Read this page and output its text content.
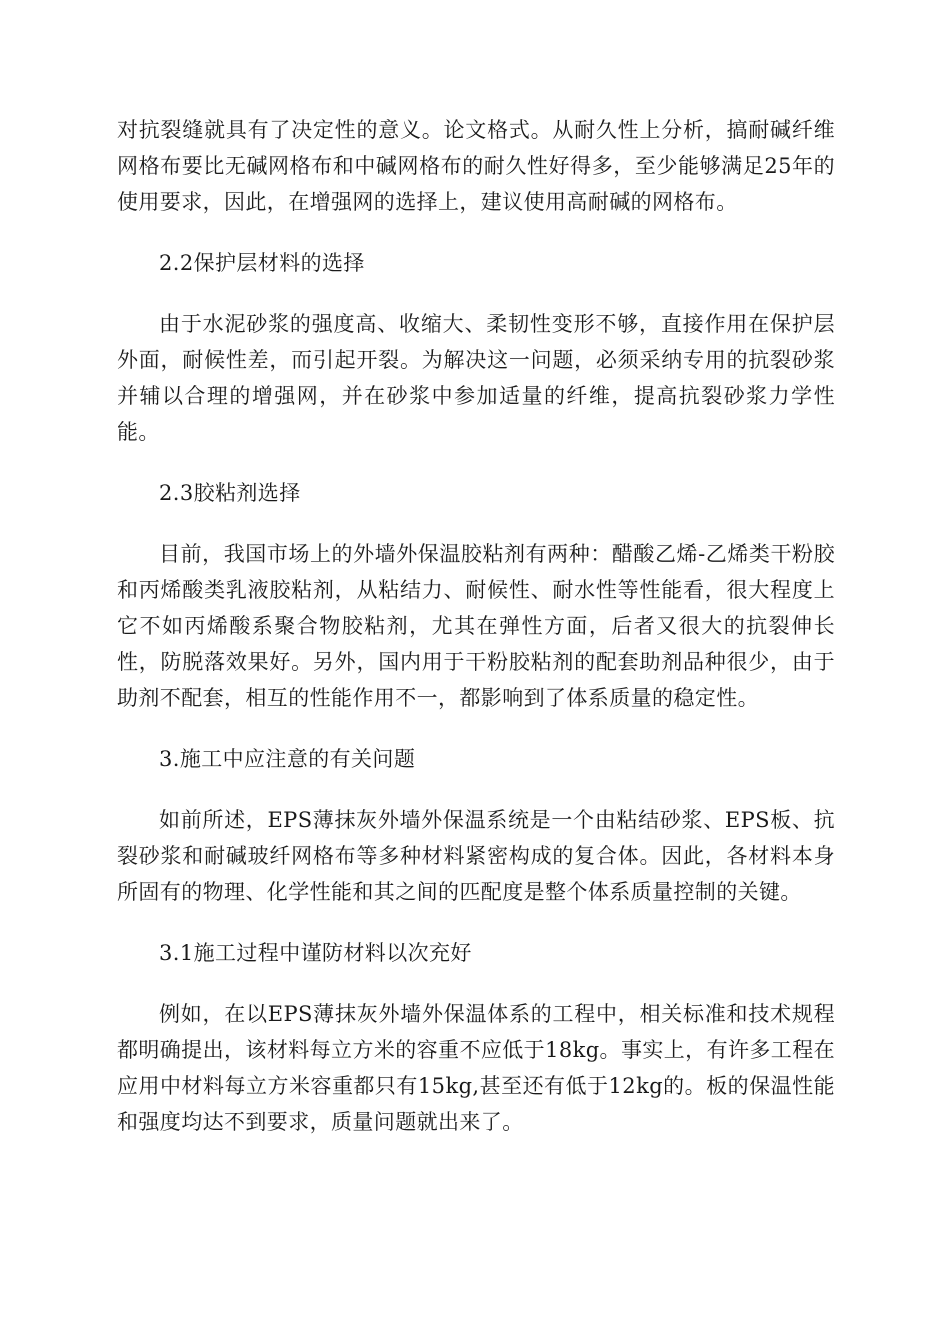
对抗裂缝就具有了决定性的意义。论文格式。从耐久性上分析，搞耐碱纤维网格布要比无碱网格布和中碱网格布的耐久性好得多，至少能够满足25年的使用要求，因此，在增强网的选择上，建议使用高耐碱的网格布。

2.2保护层材料的选择

由于水泥砂浆的强度高、收缩大、柔韧性变形不够，直接作用在保护层外面，耐候性差，而引起开裂。为解决这一问题，必须采纳专用的抗裂砂浆并辅以合理的增强网，并在砂浆中参加适量的纤维，提高抗裂砂浆力学性能。

2.3胶粘剂选择

目前，我国市场上的外墙外保温胶粘剂有两种：醋酸乙烯-乙烯类干粉胶和丙烯酸类乳液胶粘剂，从粘结力、耐候性、耐水性等性能看，很大程度上它不如丙烯酸系聚合物胶粘剂，尤其在弹性方面，后者又很大的抗裂伸长性，防脱落效果好。另外，国内用于干粉胶粘剂的配套助剂品种很少，由于助剂不配套，相互的性能作用不一，都影响到了体系质量的稳定性。

3.施工中应注意的有关问题

如前所述，EPS薄抹灰外墙外保温系统是一个由粘结砂浆、EPS板、抗裂砂浆和耐碱玻纤网格布等多种材料紧密构成的复合体。因此，各材料本身所固有的物理、化学性能和其之间的匹配度是整个体系质量控制的关键。

3.1施工过程中谨防材料以次充好

例如，在以EPS薄抹灰外墙外保温体系的工程中，相关标准和技术规程都明确提出，该材料每立方米的容重不应低于18kg。事实上，有许多工程在应用中材料每立方米容重都只有15kg,甚至还有低于12kg的。板的保温性能和强度均达不到要求，质量问题就出来了。
